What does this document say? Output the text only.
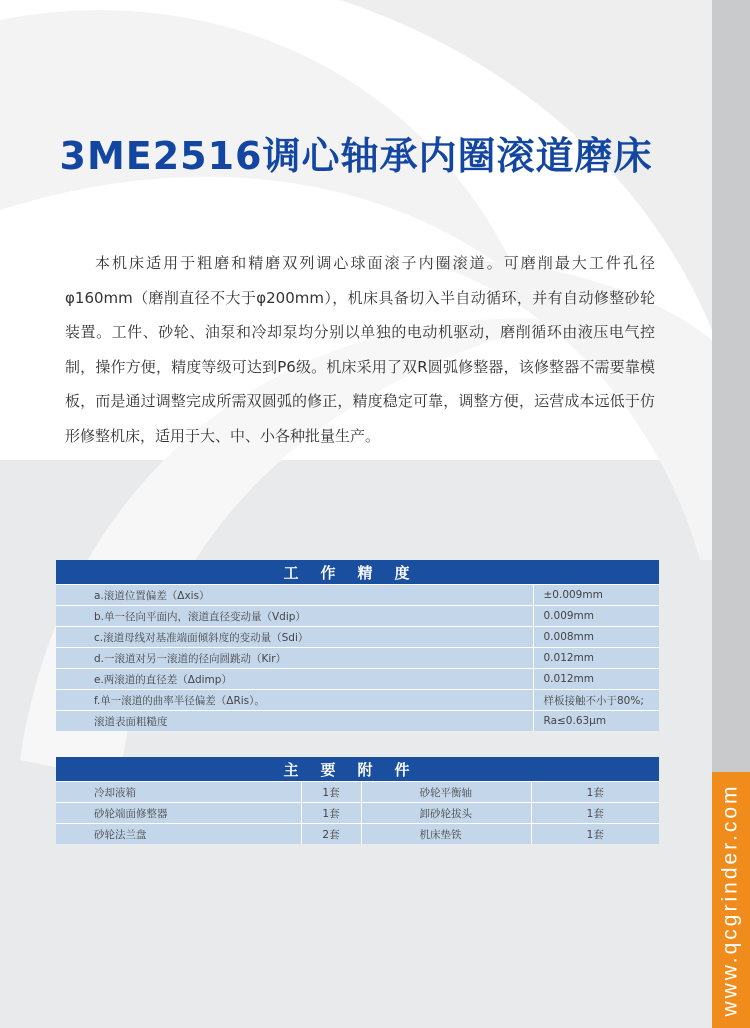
www.qcgrinder.com
3ME2516调心轴承内圈滚道磨床

本机床适用于粗磨和精磨双列调心球面滚子内圈滚道。可磨削最大工件孔径φ160mm（磨削直径不大于φ200mm），机床具备切入半自动循环，并有自动修整砂轮装置。工件、砂轮、油泵和冷却泵均分别以单独的电动机驱动，磨削循环由液压电气控制，操作方便，精度等级可达到P6级。机床采用了双R圆弧修整器，该修整器不需要靠模板，而是通过调整完成所需双圆弧的修正，精度稳定可靠，调整方便，运营成本远低于仿形修整机床，适用于大、中、小各种批量生产。

工作精度	
a.滚道位置偏差（Δxis）	±0.009mm
b.单一径向平面内，滚道直径变动量（Vdip）	0.009mm
c.滚道母线对基准端面倾斜度的变动量（Sdi）	0.008mm
d.一滚道对另一滚道的径向圆跳动（Kir）	0.012mm
e.两滚道的直径差（Δdimp）	0.012mm
f.单一滚道的曲率半径偏差（ΔRis）。	样板接触不小于80%;
滚道表面粗糙度	Ra≤0.63μm
主要附件			
冷却液箱	1套	砂轮平衡轴	1套
砂轮端面修整器	1套	卸砂轮拔头	1套
砂轮法兰盘	2套	机床垫铁	1套
